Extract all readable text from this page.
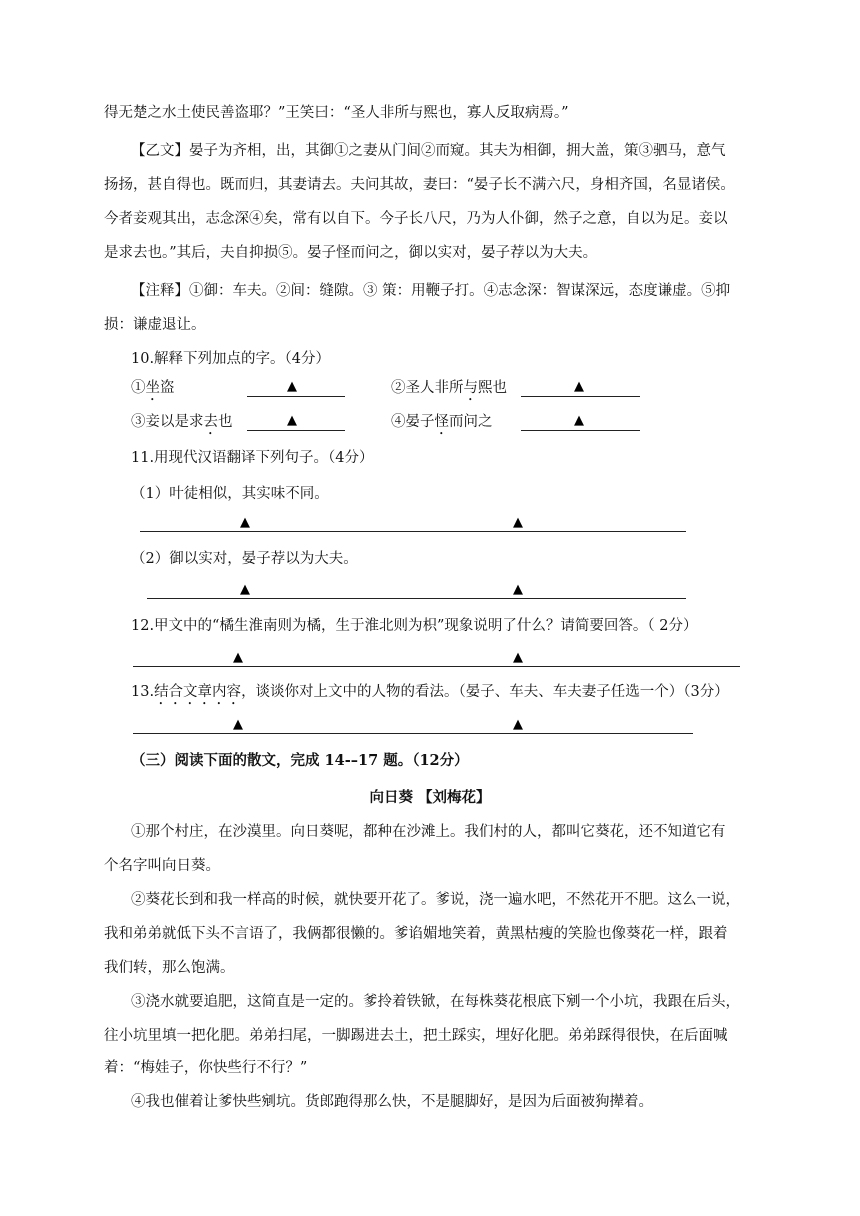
得无楚之水土使民善盗耶？”王笑曰：“圣人非所与熙也，寡人反取病焉。”
【乙文】晏子为齐相，出，其御①之妻从门间②而窥。其夫为相御，拥大盖，策③驷马，意气
扬扬，甚自得也。既而归，其妻请去。夫问其故，妻曰：“晏子长不满六尺，身相齐国，名显诸侯。
今者妾观其出，志念深④矣，常有以自下。今子长八尺，乃为人仆御，然子之意，自以为足。妾以
是求去也。”其后，夫自抑损⑤。晏子怪而问之，御以实对，晏子荐以为大夫。
【注释】①御：车夫。②间：缝隙。③ 策：用鞭子打。④志念深：智谋深远，态度谦虚。⑤抑
损：谦虚退让。
10.解释下列加点的字。（4分）
①坐盗	▲	②圣人非所与熙也	▲
③妾以是求去也	▲	④晏子怪而问之	▲
11.用现代汉语翻译下列句子。（4分）
（1）叶徒相似，其实味不同。
▲	▲
（2）御以实对，晏子荐以为大夫。
▲	▲
12.甲文中的“橘生淮南则为橘，生于淮北则为枳”现象说明了什么？请简要回答。（ 2分）
▲	▲
13.结合文章内容，谈谈你对上文中的人物的看法。（晏子、车夫、车夫妻子任选一个）（3分）
▲	▲
（三）阅读下面的散文，完成 14-–17 题。（12分）
向日葵 【刘梅花】
①那个村庄，在沙漠里。向日葵呢，都种在沙滩上。我们村的人，都叫它葵花，还不知道它有
个名字叫向日葵。
②葵花长到和我一样高的时候，就快要开花了。爹说，浇一遍水吧，不然花开不肥。这么一说，
我和弟弟就低下头不言语了，我俩都很懒的。爹谄媚地笑着，黄黑枯瘦的笑脸也像葵花一样，跟着
我们转，那么饱满。
③浇水就要追肥，这简直是一定的。爹拎着铁锨，在每株葵花根底下剜一个小坑，我跟在后头，
往小坑里填一把化肥。弟弟扫尾，一脚踢进去土，把土踩实，埋好化肥。弟弟踩得很快，在后面喊
着：“梅娃子，你快些行不行？”
④我也催着让爹快些剜坑。货郎跑得那么快，不是腿脚好，是因为后面被狗撵着。
